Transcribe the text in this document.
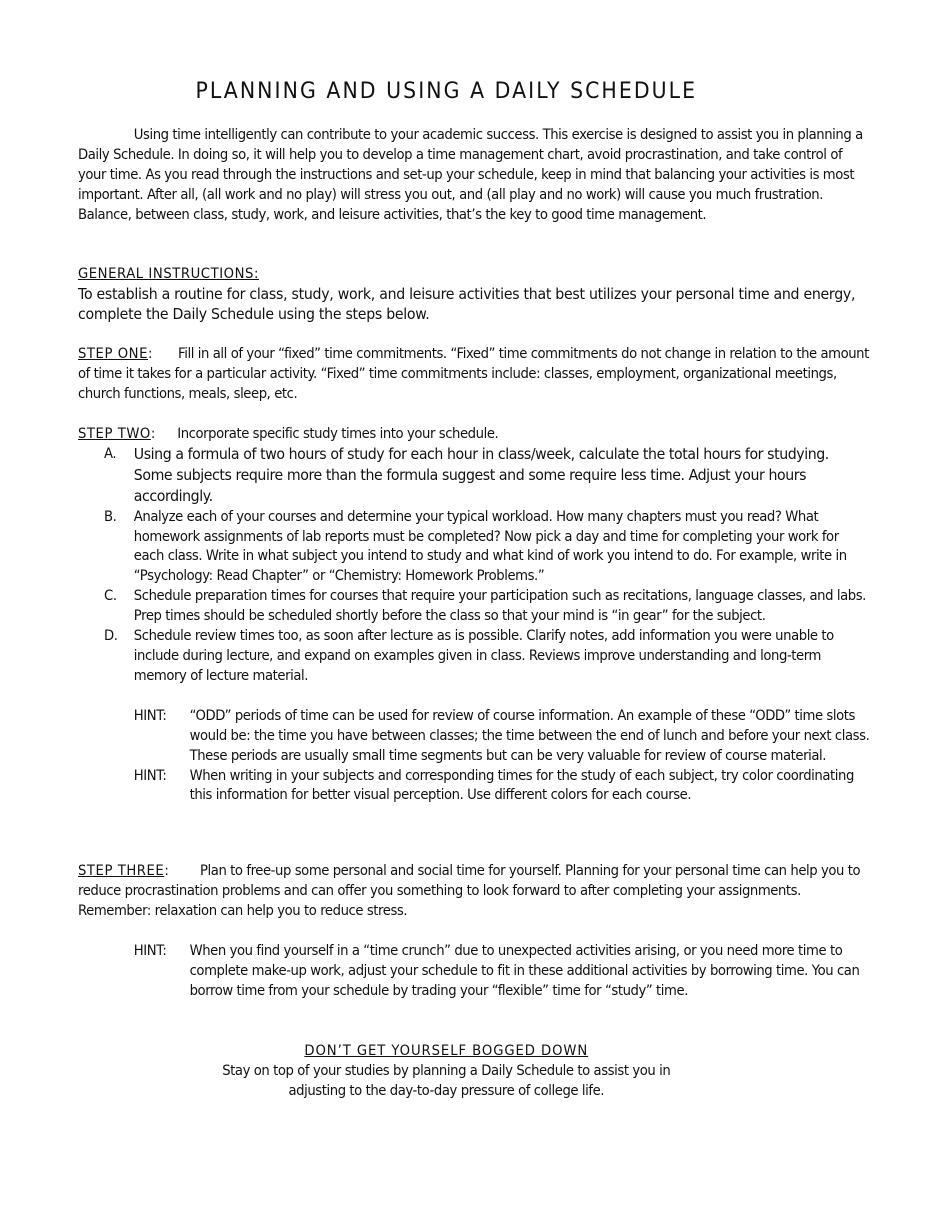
PLANNING AND USING A DAILY SCHEDULE

Using time intelligently can contribute to your academic success. This exercise is designed to assist you in planning a Daily Schedule. In doing so, it will help you to develop a time management chart, avoid procrastination, and take control of your time. As you read through the instructions and set-up your schedule, keep in mind that balancing your activities is most important. After all, (all work and no play) will stress you out, and (all play and no work) will cause you much frustration. Balance, between class, study, work, and leisure activities, that’s the key to good time management.

GENERAL INSTRUCTIONS:
To establish a routine for class, study, work, and leisure activities that best utilizes your personal time and energy, complete the Daily Schedule using the steps below.
STEP ONE: Fill in all of your “fixed” time commitments. “Fixed” time commitments do not change in relation to the amount of time it takes for a particular activity. “Fixed” time commitments include: classes, employment, organizational meetings, church functions, meals, sleep, etc.
STEP TWO: Incorporate specific study times into your schedule.
A. Using a formula of two hours of study for each hour in class/week, calculate the total hours for studying. Some subjects require more than the formula suggest and some require less time. Adjust your hours accordingly.
B. Analyze each of your courses and determine your typical workload. How many chapters must you read? What homework assignments of lab reports must be completed? Now pick a day and time for completing your work for each class. Write in what subject you intend to study and what kind of work you intend to do. For example, write in “Psychology: Read Chapter” or “Chemistry: Homework Problems.”
C. Schedule preparation times for courses that require your participation such as recitations, language classes, and labs. Prep times should be scheduled shortly before the class so that your mind is “in gear” for the subject.
D. Schedule review times too, as soon after lecture as is possible. Clarify notes, add information you were unable to include during lecture, and expand on examples given in class. Reviews improve understanding and long-term memory of lecture material.
HINT: “ODD” periods of time can be used for review of course information. An example of these “ODD” time slots would be: the time you have between classes; the time between the end of lunch and before your next class. These periods are usually small time segments but can be very valuable for review of course material.
HINT: When writing in your subjects and corresponding times for the study of each subject, try color coordinating this information for better visual perception. Use different colors for each course.
STEP THREE: Plan to free-up some personal and social time for yourself. Planning for your personal time can help you to reduce procrastination problems and can offer you something to look forward to after completing your assignments. Remember: relaxation can help you to reduce stress.
HINT: When you find yourself in a “time crunch” due to unexpected activities arising, or you need more time to complete make-up work, adjust your schedule to fit in these additional activities by borrowing time. You can borrow time from your schedule by trading your “flexible” time for “study” time.
DON’T GET YOURSELF BOGGED DOWN
Stay on top of your studies by planning a Daily Schedule to assist you in
adjusting to the day-to-day pressure of college life.
